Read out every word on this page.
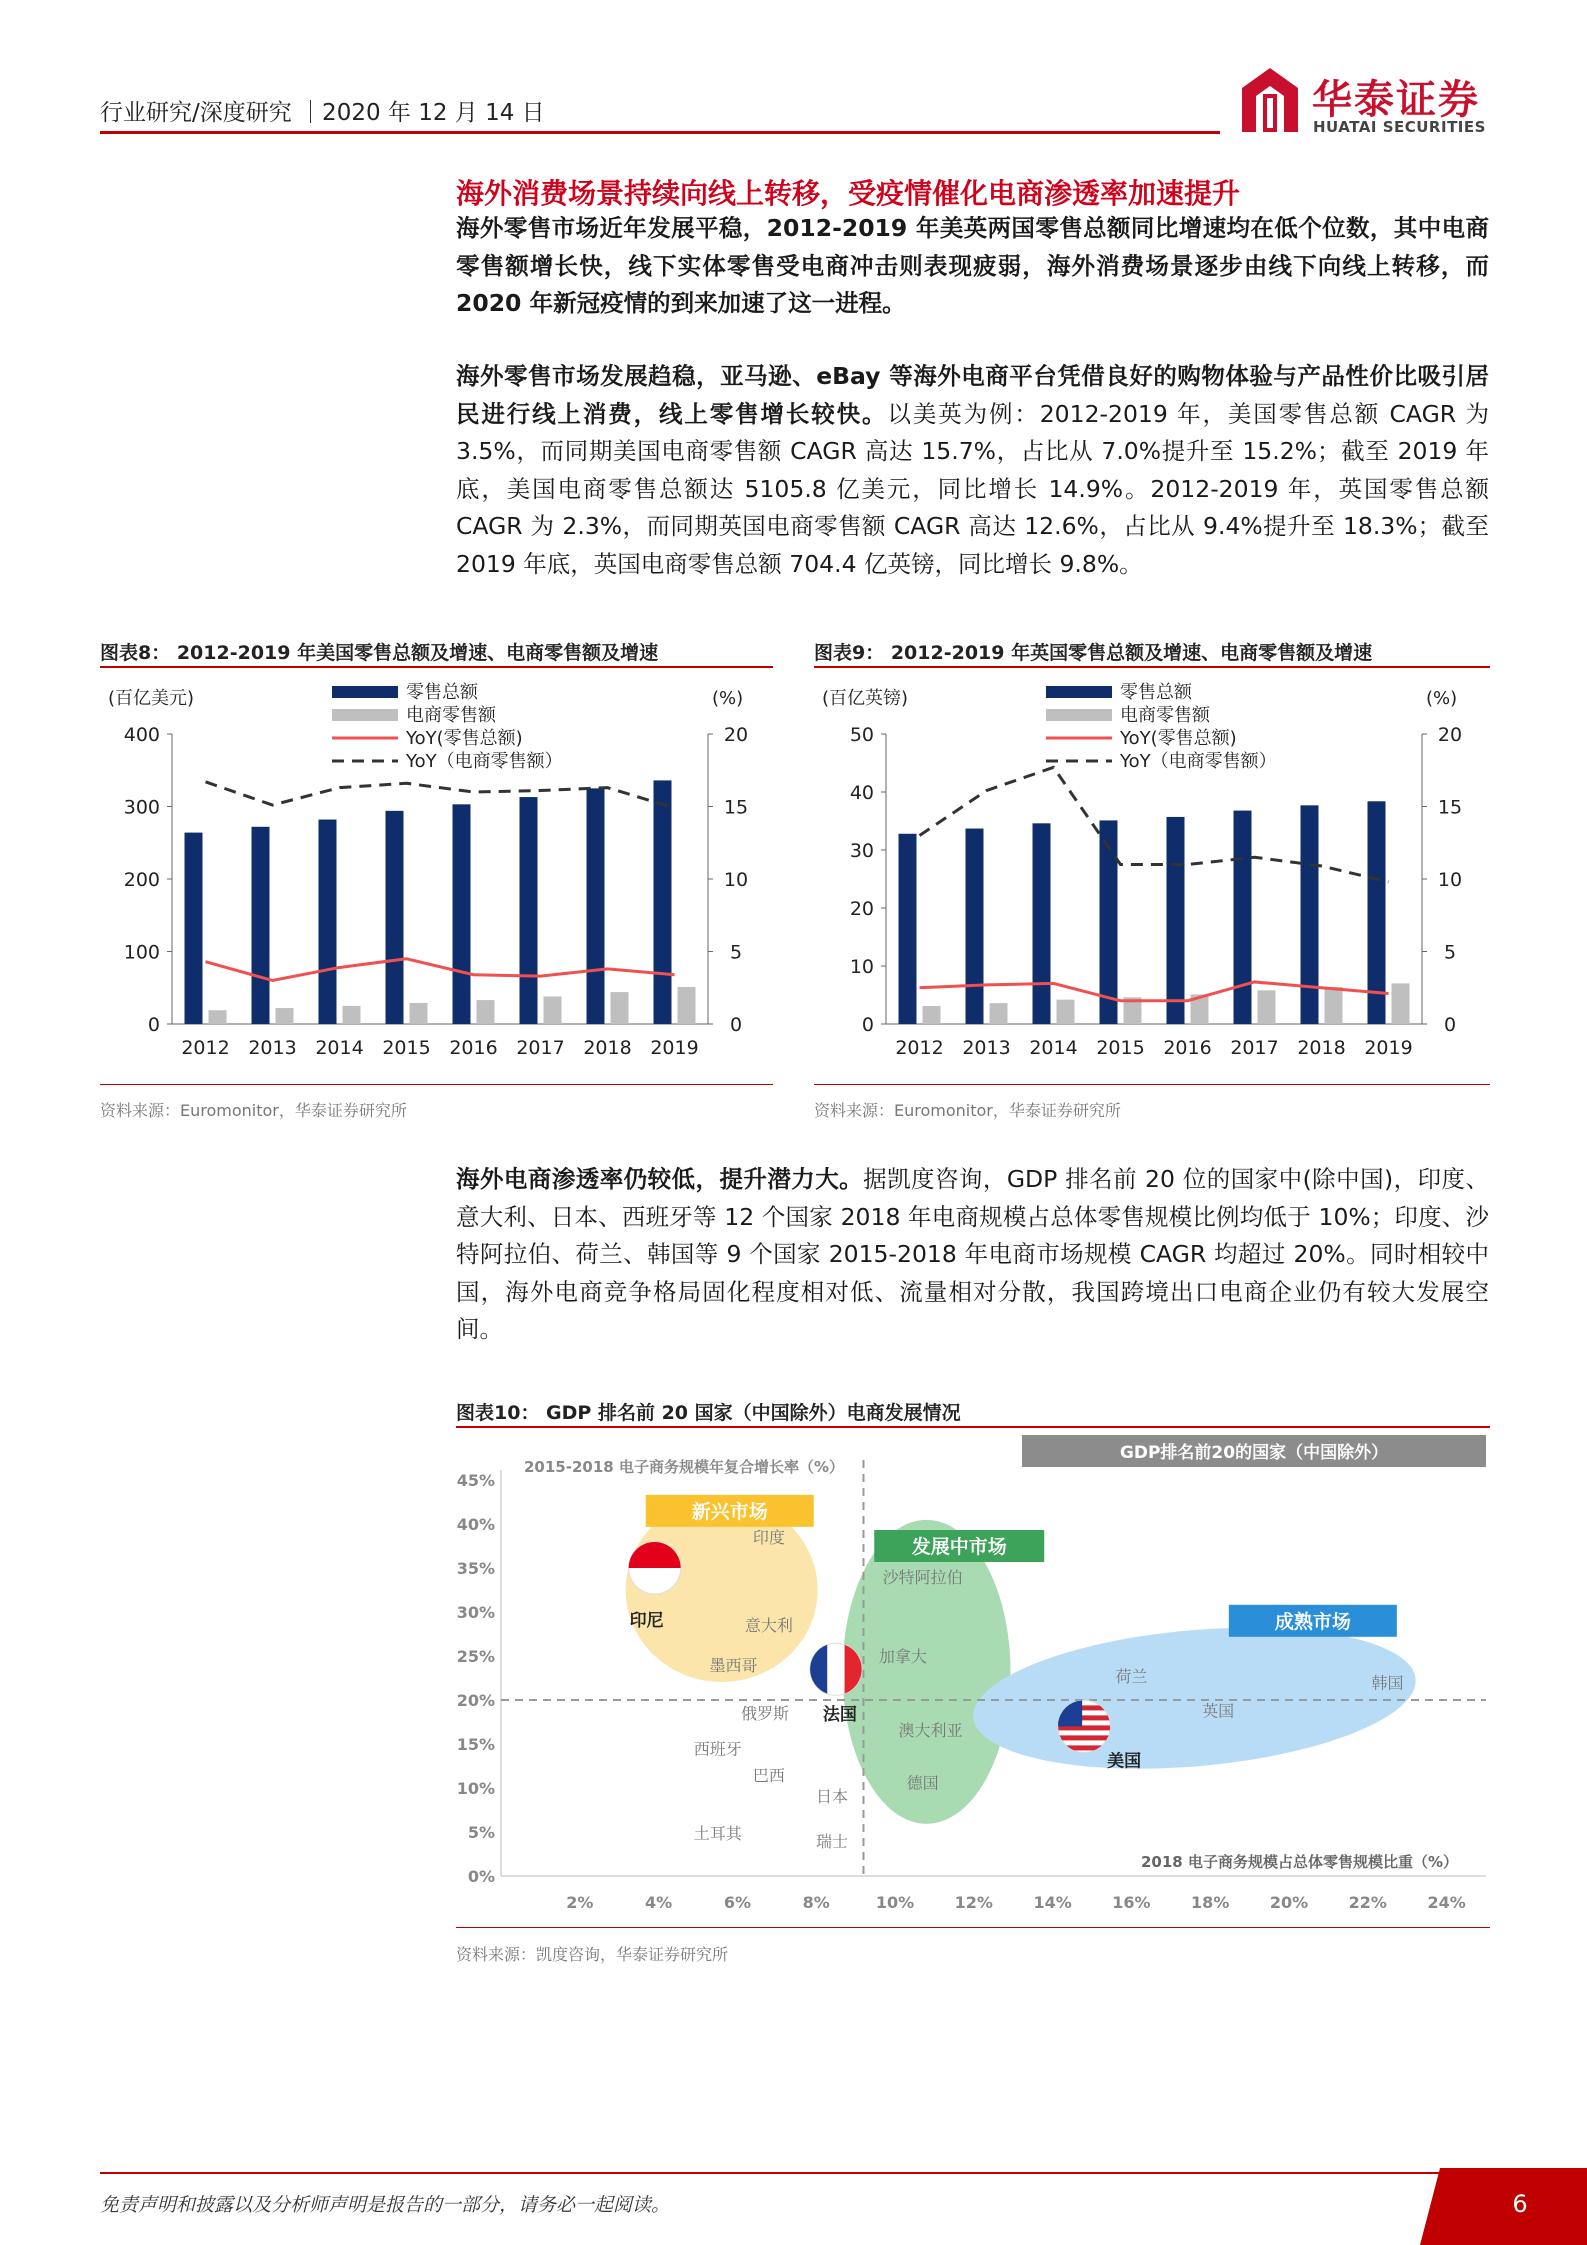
行业研究/深度研究 ｜2020 年 12 月 14 日	华泰证券
HUATAI SECURITIES
海外消费场景持续向线上转移，受疫情催化电商渗透率加速提升
海外零售市场近年发展平稳，2012-2019 年美英两国零售总额同比增速均在低个位数，其中电商零售额增长快，线下实体零售受电商冲击则表现疲弱，海外消费场景逐步由线下向线上转移，而 2020 年新冠疫情的到来加速了这一进程。
海外零售市场发展趋稳，亚马逊、eBay 等海外电商平台凭借良好的购物体验与产品性价比吸引居民进行线上消费，线上零售增长较快。以美英为例：2012-2019 年，美国零售总额 CAGR 为 3.5%，而同期美国电商零售额 CAGR 高达 15.7%，占比从 7.0%提升至 15.2%；截至 2019 年底，美国电商零售总额达 5105.8 亿美元，同比增长 14.9%。2012-2019 年，英国零售总额 CAGR 为 2.3%，而同期英国电商零售额 CAGR 高达 12.6%，占比从 9.4%提升至 18.3%；截至 2019 年底，英国电商零售总额 704.4 亿英镑，同比增长 9.8%。
图表8： 2012-2019 年美国零售总额及增速、电商零售额及增速
(百亿美元)	(%)
0
100
200
300
400
0
5
10
15
20
2012 2013 2014 2015 2016 2017 2018 2019
零售总额
电商零售额
YoY(零售总额)
YoY（电商零售额）
资料来源：Euromonitor，华泰证券研究所
图表9： 2012-2019 年英国零售总额及增速、电商零售额及增速
(百亿英镑)	(%)
0
10
20
30
40
50
0
5
10
15
20
2012 2013 2014 2015 2016 2017 2018 2019
零售总额
电商零售额
YoY(零售总额)
YoY（电商零售额）
资料来源：Euromonitor，华泰证券研究所
海外电商渗透率仍较低，提升潜力大。据凯度咨询，GDP 排名前 20 位的国家中(除中国)，印度、意大利、日本、西班牙等 12 个国家 2018 年电商规模占总体零售规模比例均低于 10%；印度、沙特阿拉伯、荷兰、韩国等 9 个国家 2015-2018 年电商市场规模 CAGR 均超过 20%。同时相较中国，海外电商竞争格局固化程度相对低、流量相对分散，我国跨境出口电商企业仍有较大发展空间。
图表10： GDP 排名前 20 国家（中国除外）电商发展情况
GDP排名前20的国家（中国除外）
新兴市场
发展中市场
成熟市场
0%
5%
10%
15%
20%
25%
30%
35%
40%
45%
2%	4%	6%	8%	10%	12%	14%	16%	18%	20%	22%	24%
2015-2018 电子商务规模年复合增长率（%）
2018 电子商务规模占总体零售规模比重（%）
印度
印尼	意大利
墨西哥
沙特阿拉伯
加拿大
法国
澳大利亚
德国
俄罗斯
西班牙
巴西
日本
土耳其	瑞士
荷兰
英国
韩国
美国
资料来源：凯度咨询，华泰证券研究所
免责声明和披露以及分析师声明是报告的一部分，请务必一起阅读。	6
